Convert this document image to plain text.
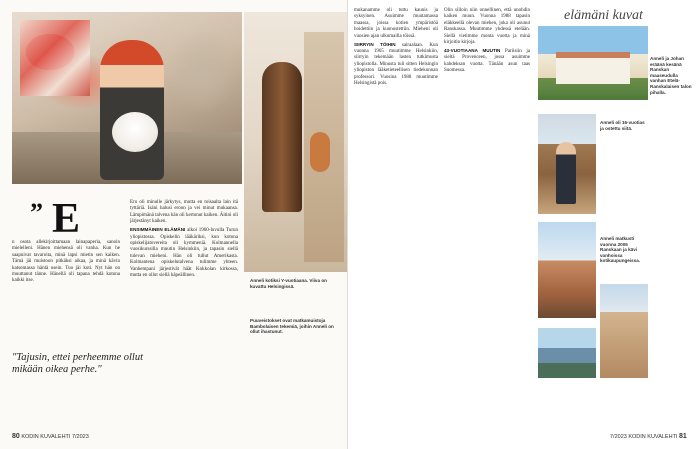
” E

n osota allekirjoittamaan lainapaperia, sanoin mielelleni. Hänen miehensä oli vanha. Kun he saapuivat tavaroita, minä lapsi mietin sen kaiken. Tämä jäi muistoon pitkäksi aikaa, ja minä kävin katsomassa häntä usein. Tuo jäi koti. Nyt hän on muuttanut tänne. Hänellä oli tapana tehdä kotona kaikki itse.

"Tajusin, ettei perheemme ollut mikään oikea perhe."

Ero oli minulle järkytys, mutta en toisaalta lain itä tyttäriä. Isäni halusi eroon ja vei minut mukaansa. Lämpimänä talvena hän oli kertonut kaiken. Äitini oli järjestänyt kaiken.

ENSIMMÄINEN ELÄMÄNI alkoi 1960-luvulla Turun yliopistossa. Opiskelin lääkäriksi, kun kotona opiskelijatovereita oli kymmeniä. Kolmannella vuosikurssilla muutin Helsinkiin, ja tapasin siellä tulevan mieheni. Hän oli tullut Amerikasta. Kolmantena opiskelutalvena tulimme yhteen. Vanhempani järjestivät häät Kokkolan kirkossa, mutta en ollut siellä häpeällinen.

Anneli kotiksi Y-vuotiaana. Viiva on kuvattu Helsingissä.
Puuveistokset ovat matkamuistoja Bambolaisen tekemiä, joihin Anneli on ollut ihastunut.
80 KODIN KUVALEHTI 7/2023

mukanamme oli tuttu kaunis ja syksyinen. Asuimme muutamassa maassa, joissa kotien ympäristöä hoidettiin ja kunnostettiin. Mieheni oli vuosien ajan ulkomailla töissä.

SIIRRYIN TÖIHIN sairaalaan. Kun vuonna 1965 muutimme Helsinkiin, siirryin tekemään lasten tutkimusta yliopistolla. Minusta tuli sitten Helsingin yliopiston lääketieteellisen tiedekunnan professori. Vuosina 1988 muutimme Helsingistä pois.

Olin silloin niin onnellinen, että unohdin kaiken muun. Vuonna 1988 tapasin eläkkeellä olevan miehen, joka oli asunut Ranskassa. Muutimme yhdessä etelään. Siellä vietimme monta vuotta ja minä kirjoitin kirjoja.

43-VUOTIAANA MUUTIN Pariisiin ja sieltä Provenceen, jossa asuimme kahdeksan vuotta. Tänään asun taas Suomessa.

elämäni kuvat
Anneli ja Johan eräänä kesänä Ranskan maaseudulla vanhan Etelä-Ranskalaisen talon pihalla.
Anneli oli 16-vuotias ja ostettu siitä.
Anneli matkusti vuonna 2005 Ranskaan ja kävi vanhoissa kotikaupungeissa.
7/2023 KODIN KUVALEHTI 81
